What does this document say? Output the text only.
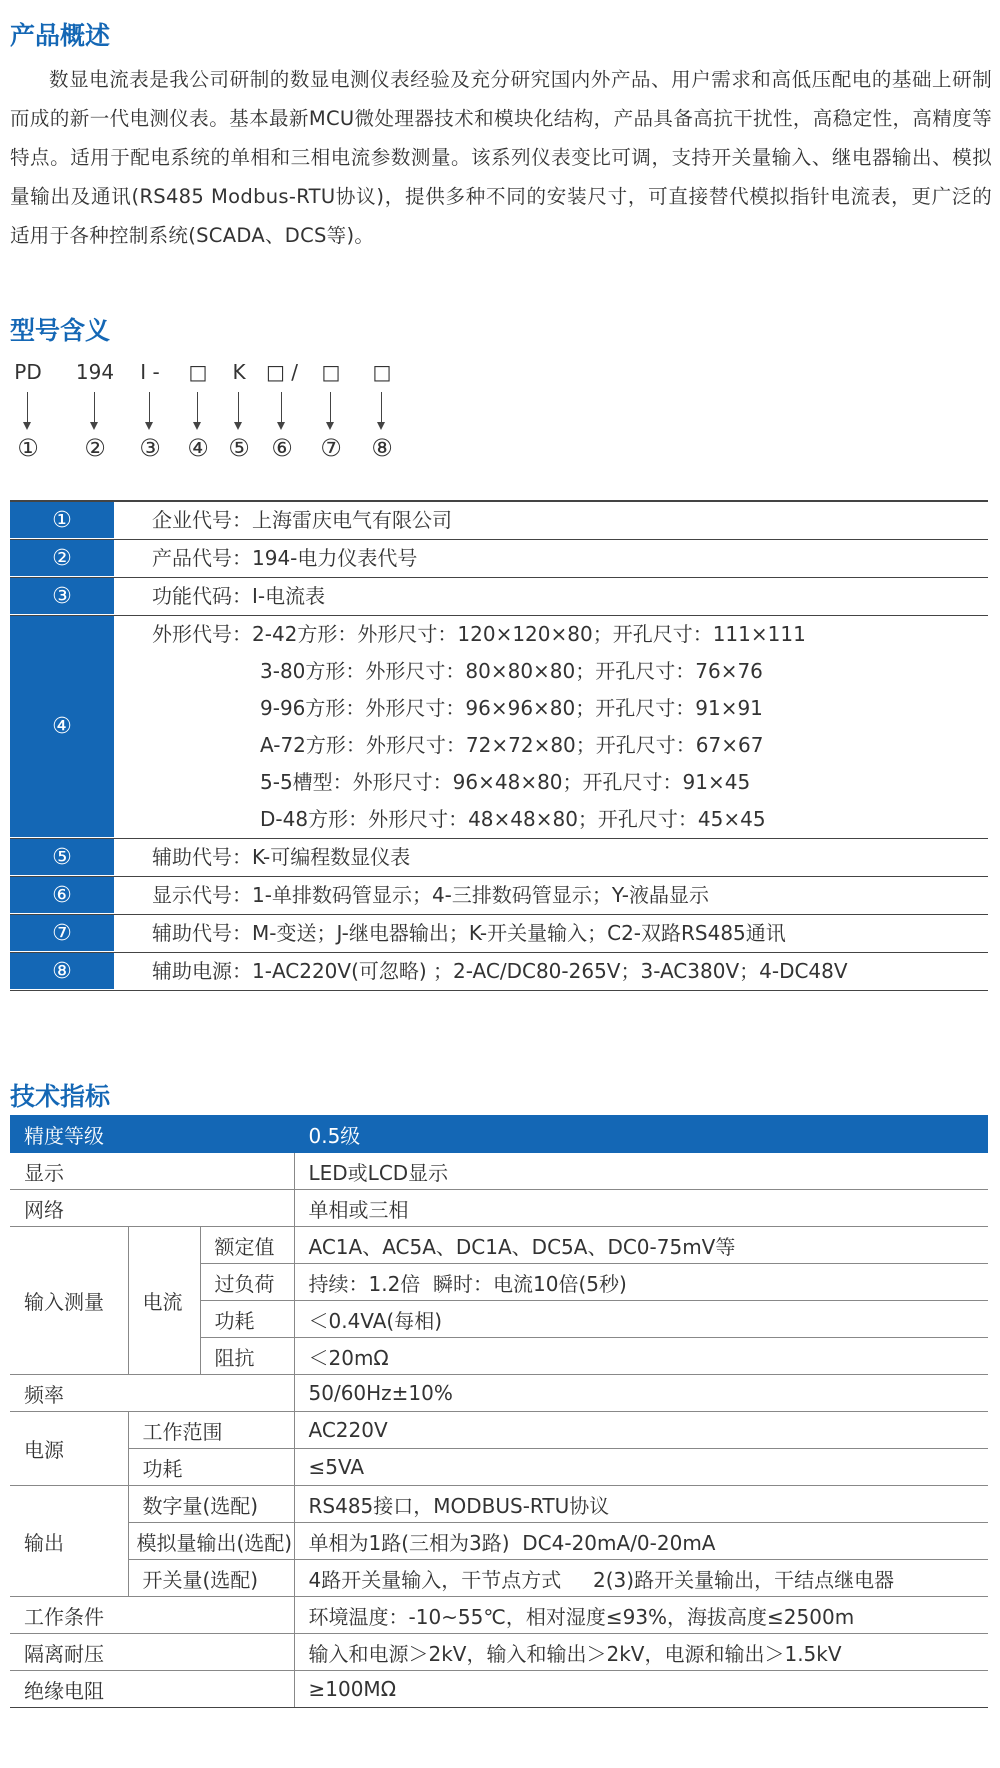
产品概述

数显电流表是我公司研制的数显电测仪表经验及充分研究国内外产品、用户需求和高低压配电的基础上研制而成的新一代电测仪表。基本最新MCU微处理器技术和模块化结构，产品具备高抗干扰性，高稳定性，高精度等特点。适用于配电系统的单相和三相电流参数测量。该系列仪表变比可调，支持开关量输入、继电器输出、模拟量输出及通讯(RS485 Modbus-RTU协议)，提供多种不同的安装尺寸，可直接替代模拟指针电流表，更广泛的适用于各种控制系统(SCADA、DCS等)。

型号含义
PD
①
194
②
I -
③
□
④
K
⑤
□ /
⑥
□
⑦
□
⑧
①	企业代号：上海雷庆电气有限公司
②	产品代号：194-电力仪表代号
③	功能代码：I-电流表
④
外形代号：2-42方形：外形尺寸：120×120×80；开孔尺寸：111×111
3-80方形：外形尺寸：80×80×80；开孔尺寸：76×76
9-96方形：外形尺寸：96×96×80；开孔尺寸：91×91
A-72方形：外形尺寸：72×72×80；开孔尺寸：67×67
5-5槽型：外形尺寸：96×48×80；开孔尺寸：91×45
D-48方形：外形尺寸：48×48×80；开孔尺寸：45×45
⑤	辅助代号：K-可编程数显仪表
⑥	显示代号：1-单排数码管显示；4-三排数码管显示；Y-液晶显示
⑦	辅助代号：M-变送；J-继电器输出；K-开关量输入；C2-双路RS485通讯
⑧	辅助电源：1-AC220V(可忽略) ；2-AC/DC80-265V；3-AC380V；4-DC48V
技术指标
精度等级			0.5级
显示			LED或LCD显示
网络			单相或三相
输入测量	电流	额定值	AC1A、AC5A、DC1A、DC5A、DC0-75mV等
		过负荷	持续：1.2倍  瞬时：电流10倍(5秒)
		功耗	＜0.4VA(每相)
		阻抗	＜20mΩ
频率			50/60Hz±10%
电源	工作范围		AC220V
	功耗		≤5VA
输出	数字量(选配)		RS485接口，MODBUS-RTU协议
	模拟量输出(选配)		单相为1路(三相为3路)  DC4-20mA/0-20mA
	开关量(选配)		4路开关量输入，干节点方式     2(3)路开关量输出，干结点继电器
工作条件			环境温度：-10~55℃，相对湿度≤93%，海拔高度≤2500m
隔离耐压			输入和电源＞2kV，输入和输出＞2kV，电源和输出＞1.5kV
绝缘电阻			≥100MΩ
